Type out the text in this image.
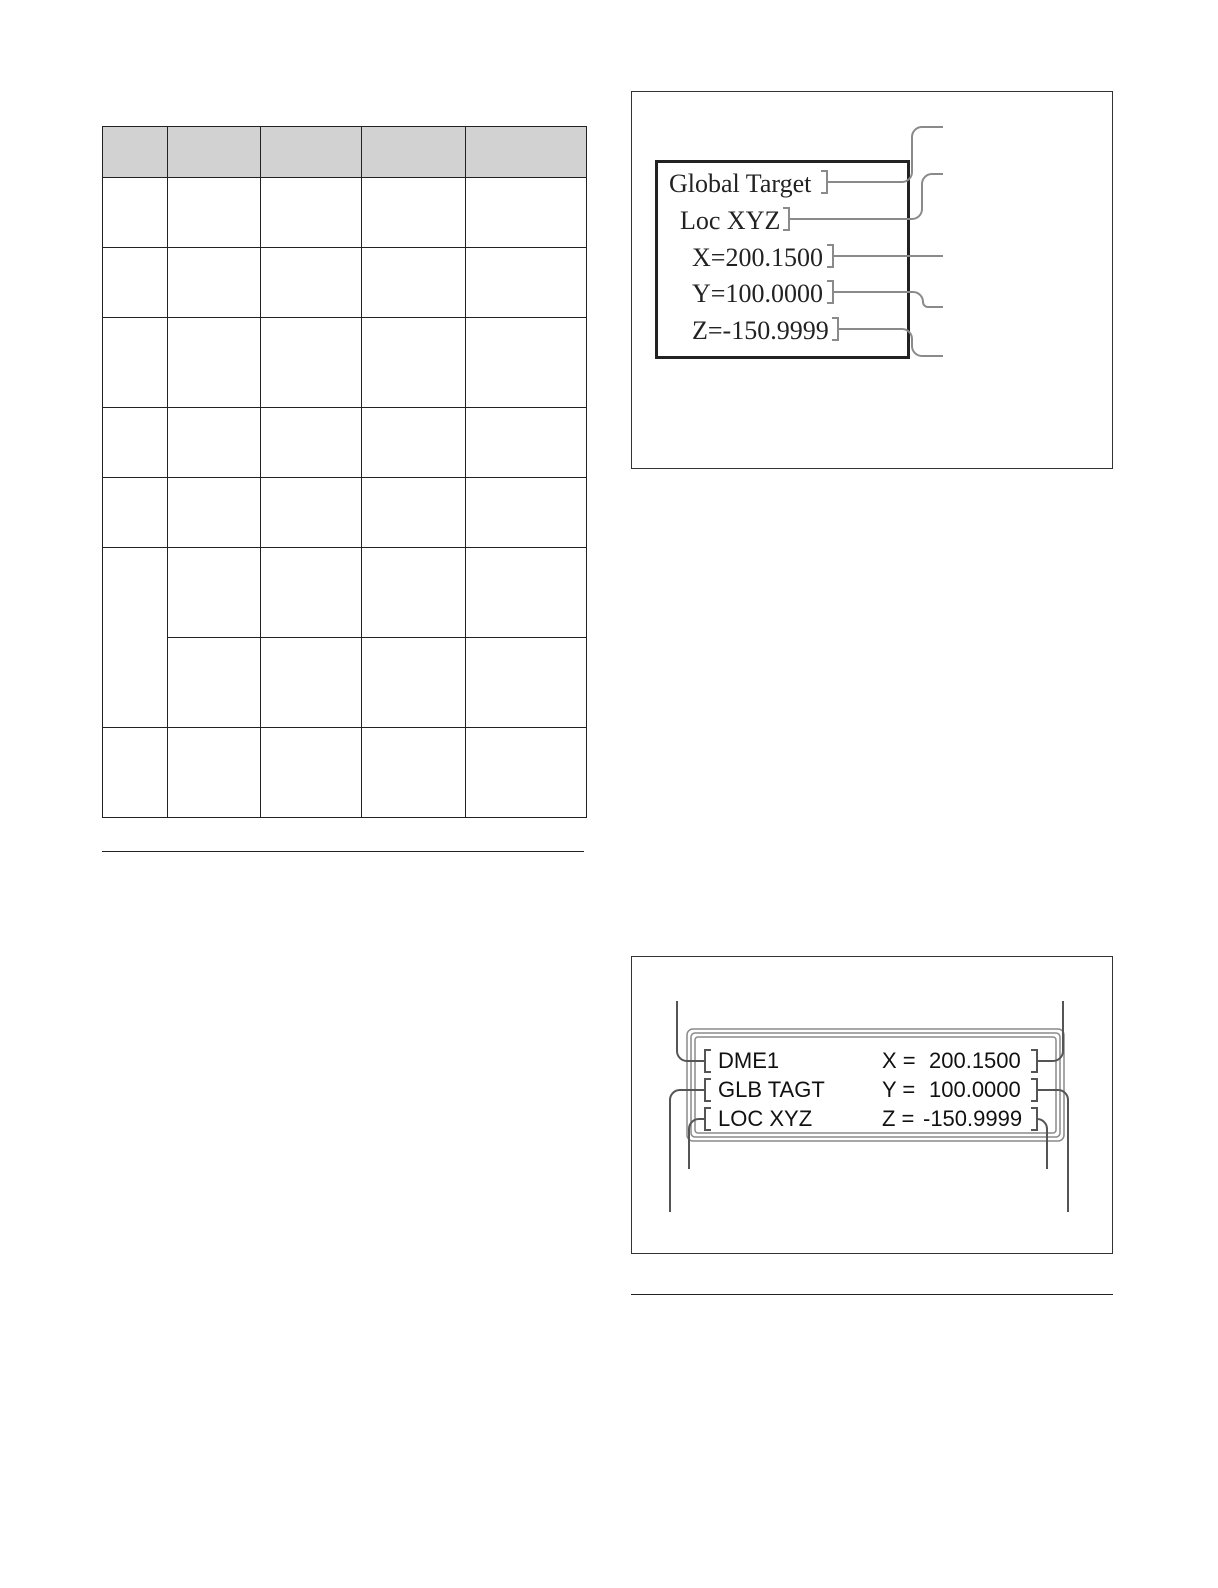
Global Target
Loc XYZ
X=200.1500
Y=100.0000
Z=-150.9999
DME1	X = 200.1500
GLB TAGT	Y = 100.0000
LOC XYZ	Z = -150.9999
